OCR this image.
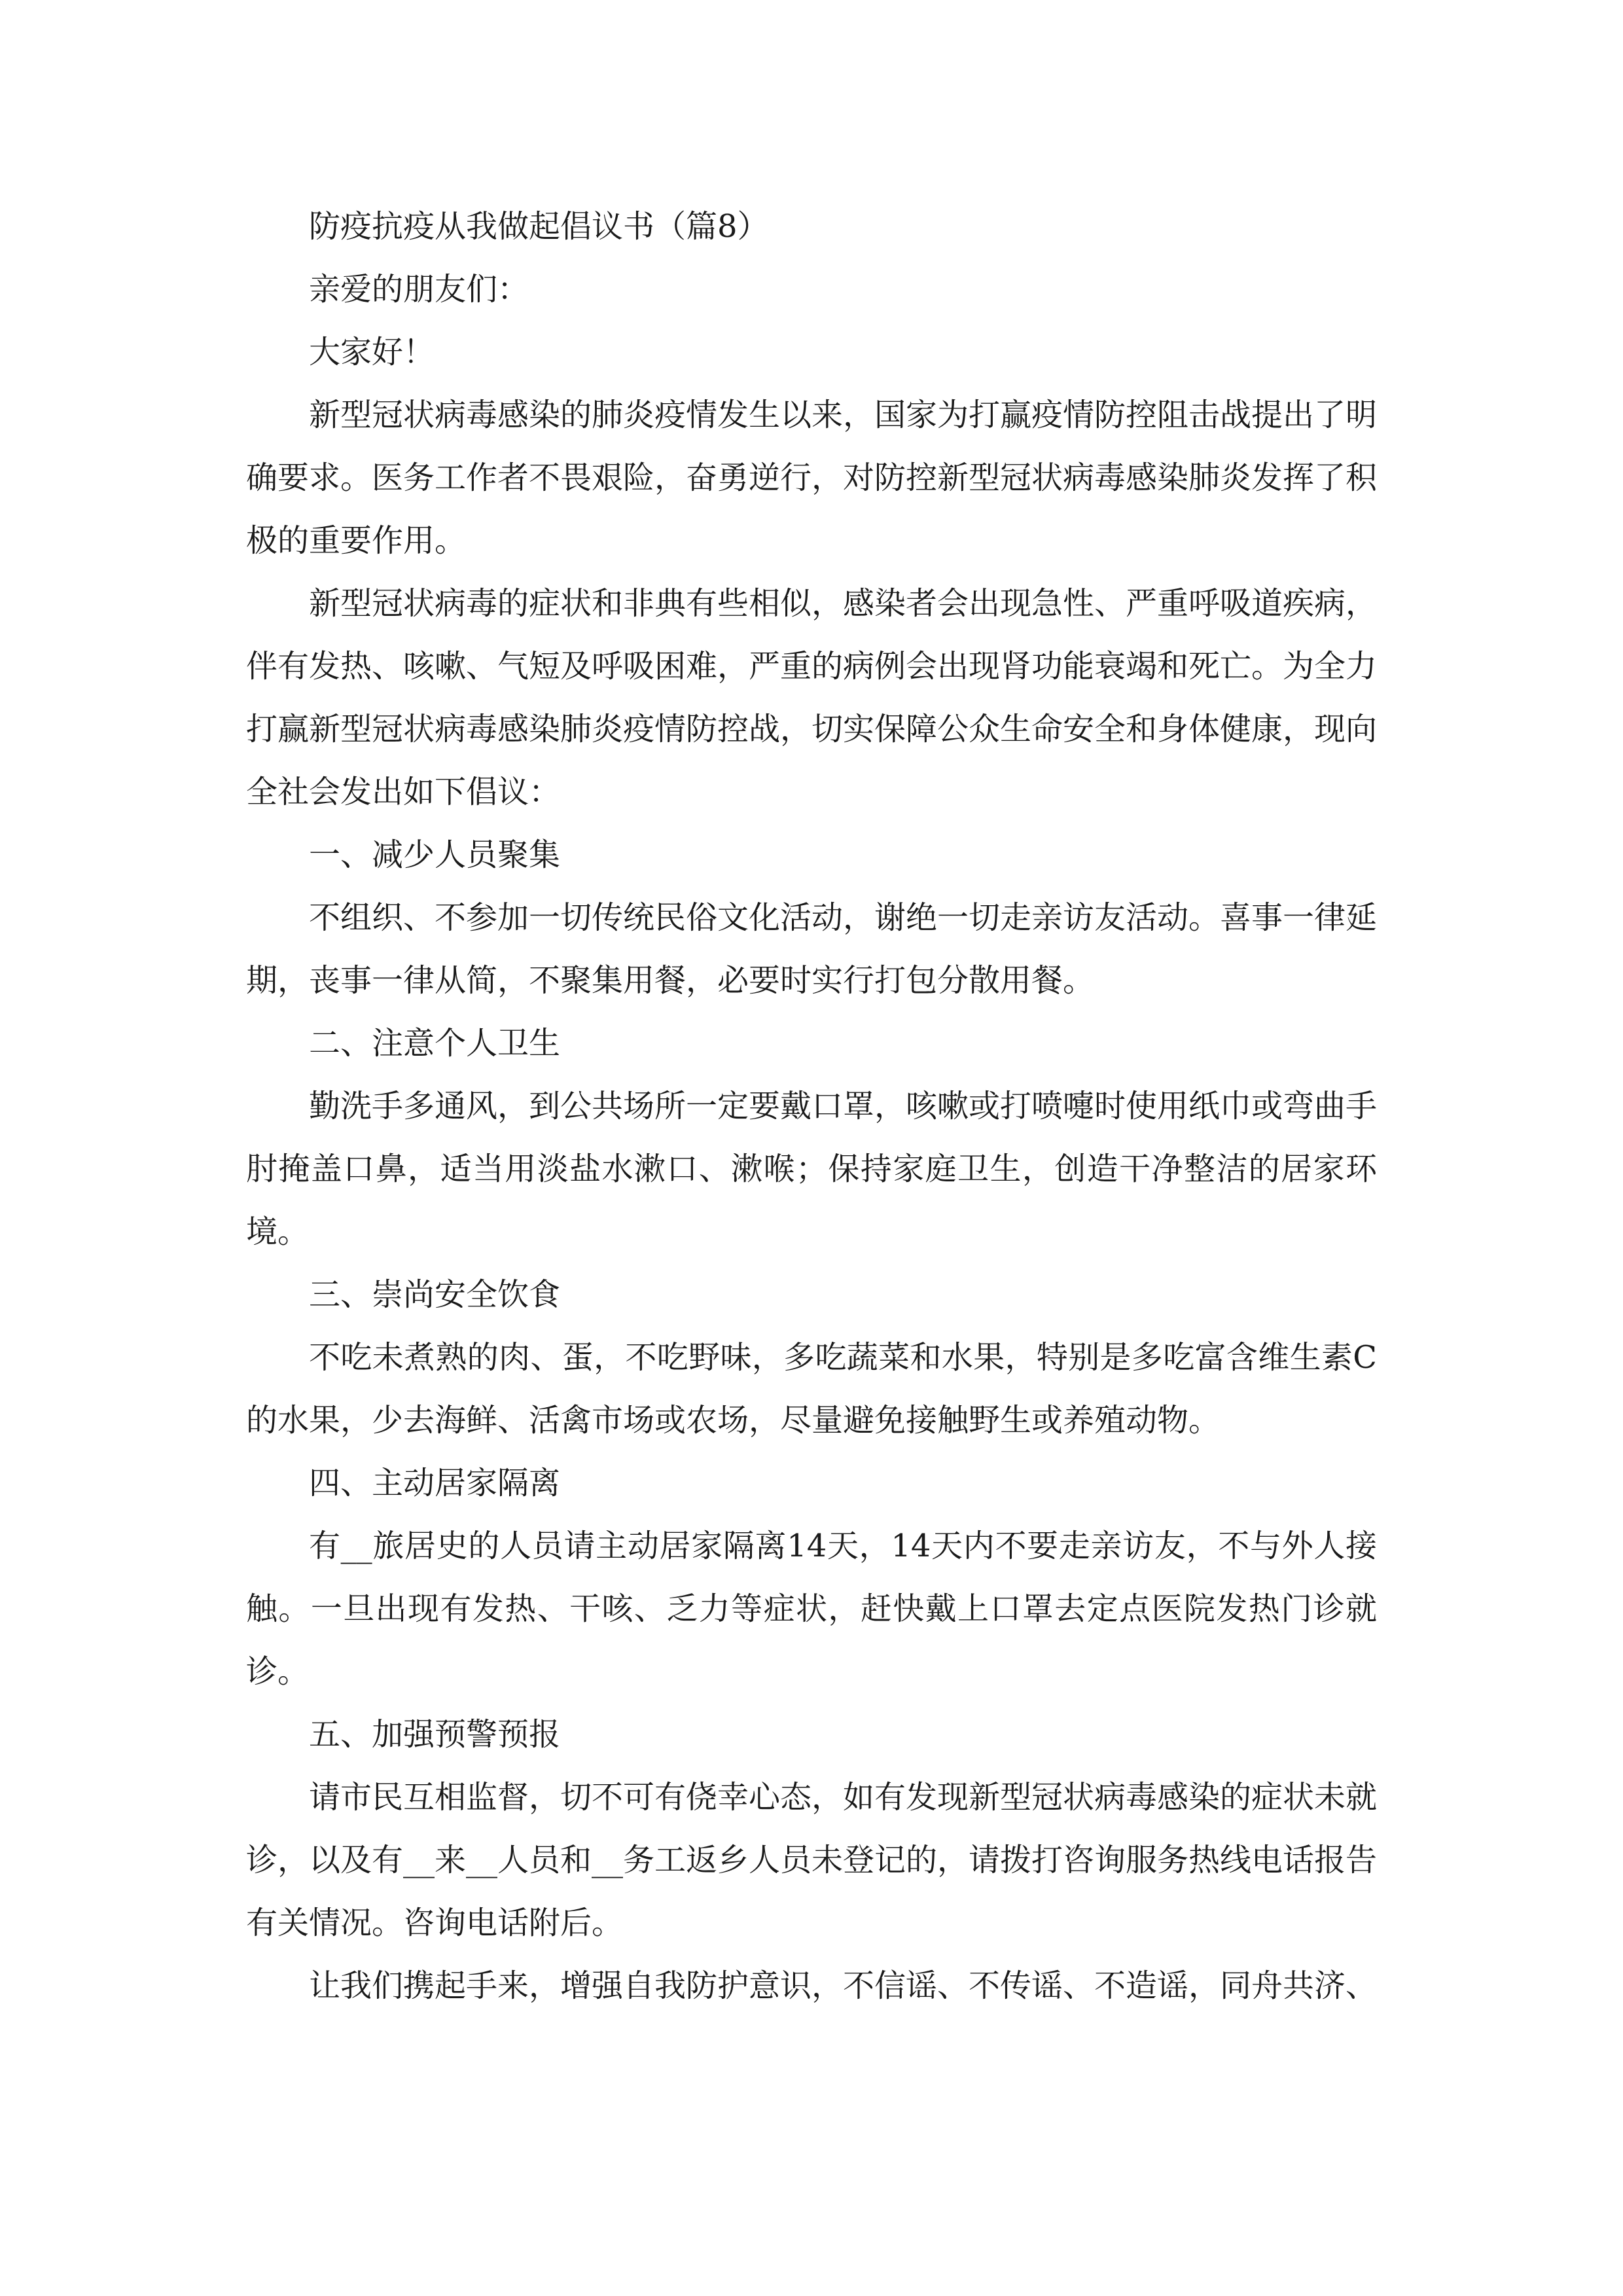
防疫抗疫从我做起倡议书（篇8）

亲爱的朋友们：

大家好！

新型冠状病毒感染的肺炎疫情发生以来，国家为打赢疫情防控阻击战提出了明确要求。医务工作者不畏艰险，奋勇逆行，对防控新型冠状病毒感染肺炎发挥了积极的重要作用。

新型冠状病毒的症状和非典有些相似，感染者会出现急性、严重呼吸道疾病，伴有发热、咳嗽、气短及呼吸困难，严重的病例会出现肾功能衰竭和死亡。为全力打赢新型冠状病毒感染肺炎疫情防控战，切实保障公众生命安全和身体健康，现向全社会发出如下倡议：

一、减少人员聚集

不组织、不参加一切传统民俗文化活动，谢绝一切走亲访友活动。喜事一律延期，丧事一律从简，不聚集用餐，必要时实行打包分散用餐。

二、注意个人卫生

勤洗手多通风，到公共场所一定要戴口罩，咳嗽或打喷嚏时使用纸巾或弯曲手肘掩盖口鼻，适当用淡盐水漱口、漱喉；保持家庭卫生，创造干净整洁的居家环境。

三、崇尚安全饮食

不吃未煮熟的肉、蛋，不吃野味，多吃蔬菜和水果，特别是多吃富含维生素C的水果，少去海鲜、活禽市场或农场，尽量避免接触野生或养殖动物。

四、主动居家隔离

有__旅居史的人员请主动居家隔离14天，14天内不要走亲访友，不与外人接触。一旦出现有发热、干咳、乏力等症状，赶快戴上口罩去定点医院发热门诊就诊。

五、加强预警预报

请市民互相监督，切不可有侥幸心态，如有发现新型冠状病毒感染的症状未就诊，以及有__来__人员和__务工返乡人员未登记的，请拨打咨询服务热线电话报告有关情况。咨询电话附后。

让我们携起手来，增强自我防护意识，不信谣、不传谣、不造谣，同舟共济、
